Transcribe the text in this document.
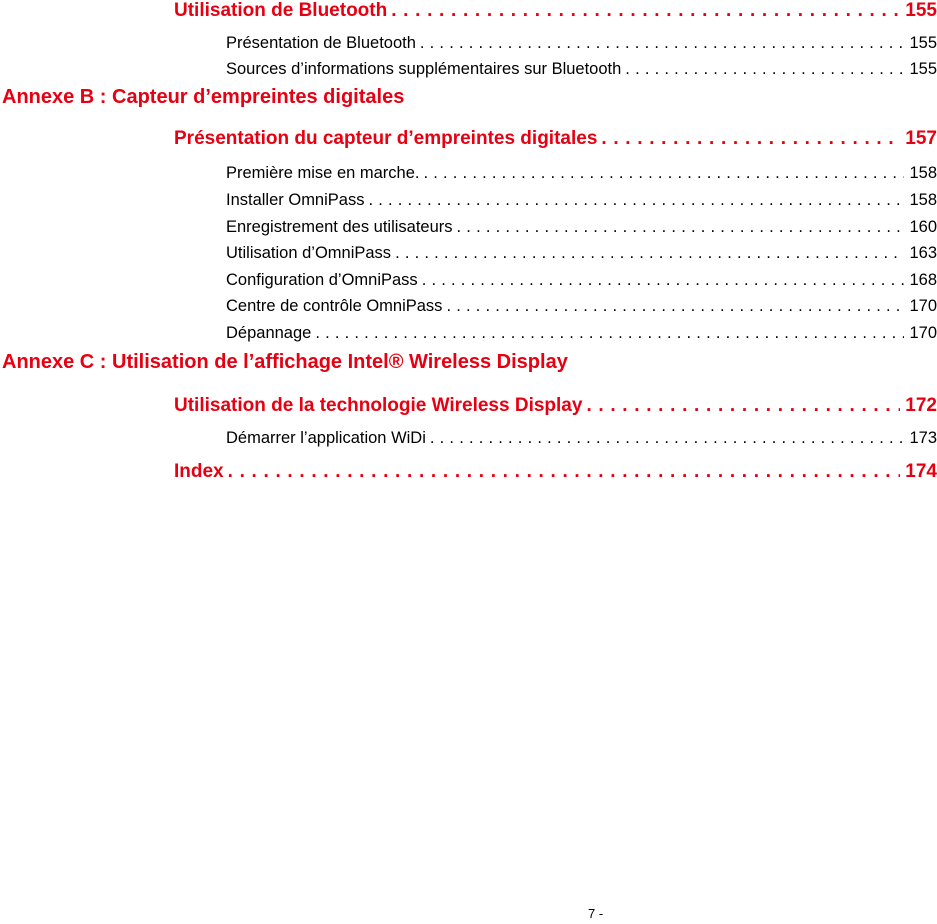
Utilisation de Bluetooth . . .	155
Présentation de Bluetooth . . .	155
Sources d’informations supplémentaires sur Bluetooth . . .	155
Annexe B : Capteur d’empreintes digitales
Présentation du capteur d’empreintes digitales . . .	157
Première mise en marche. . . .	158
Installer OmniPass . . .	158
Enregistrement des utilisateurs . . .	160
Utilisation d’OmniPass . . .	163
Configuration d’OmniPass . . .	168
Centre de contrôle OmniPass . . .	170
Dépannage . . .	170
Annexe C : Utilisation de l’affichage Intel® Wireless Display
Utilisation de la technologie Wireless Display . . .	172
Démarrer l’application WiDi . . .	173
Index . . .	174
7 -
